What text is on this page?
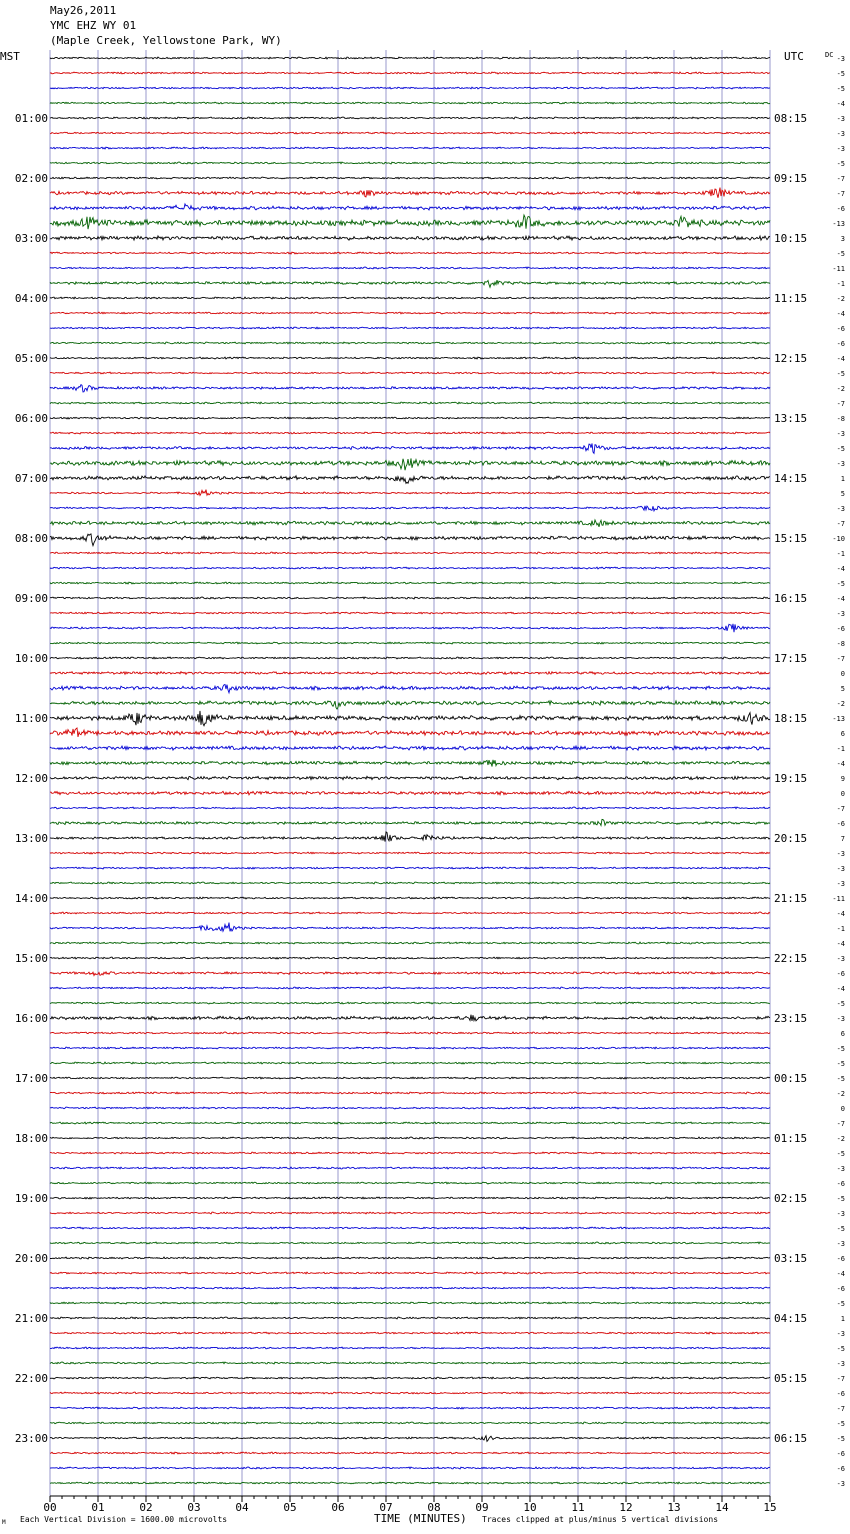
May26,2011
YMC EHZ WY 01
(Maple Creek, Yellowstone Park, WY)
MST	UTC
M Each Vertical Division = 1600.00 microvolts	TIME (MINUTES) Traces clipped at plus/minus 5 vertical divisions
-3
-5
-5
-4
-3
-3
-3
-5
-7
-7
-6
-13
3
-5
-11
-1
-2
-4
-6
-6
-4
-5
-2
-7
-8
-3
-5
-3
1
5
-3
-7
-10
-1
-4
-5
-4
-3
-6
-8
-7
0
5
-2
-13
6
-1
-4
9
0
-7
-6
7
-3
-3
-3
-11
-4
-1
-4
-3
-6
-4
-5
-3
6
-5
-5
-5
-2
0
-7
-2
-5
-3
-6
-5
-3
-5
-3
-6
-4
-6
-5
1
-3
-5
-3
-7
-6
-7
-5
-5
-6
-6
-3
DC
01:00
02:00
03:00
04:00
05:00
06:00
07:00
08:00
09:00
10:00
11:00
12:00
13:00
14:00
15:00
16:00
17:00
18:00
19:00
20:00
21:00
22:00
23:00
08:15
09:15
10:15
11:15
12:15
13:15
14:15
15:15
16:15
17:15
18:15
19:15
20:15
21:15
22:15
23:15
00:15
01:15
02:15
03:15
04:15
05:15
06:15
00	01	02	03	04	05	06	07	08	09	10	11	12	13	14	15
